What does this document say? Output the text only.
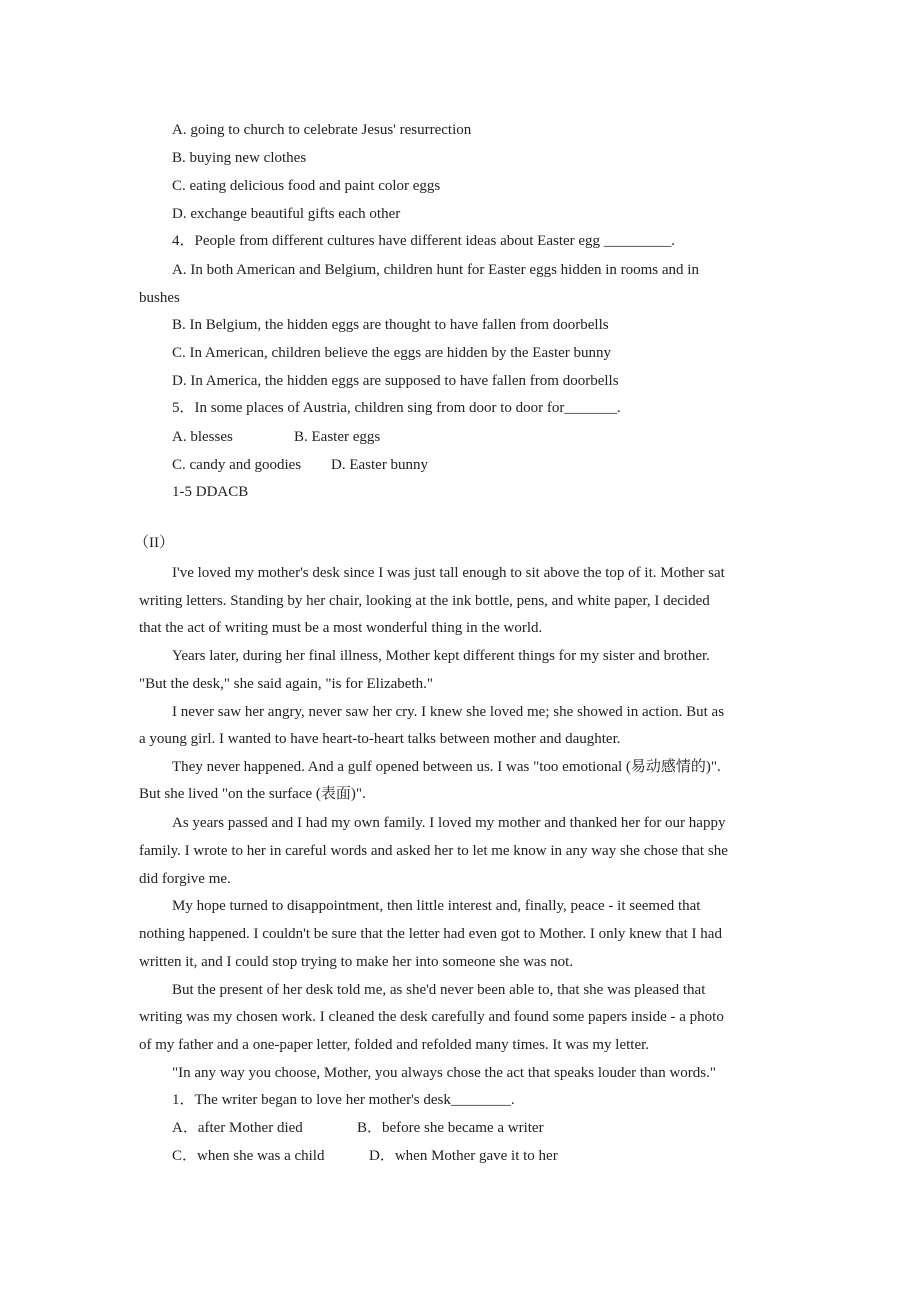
A. going to church to celebrate Jesus' resurrection
B. buying new clothes
C. eating delicious food and paint color eggs
D. exchange beautiful gifts each other
4．People from different cultures have different ideas about Easter egg _________.
A. In both American and Belgium, children hunt for Easter eggs hidden in rooms and in
bushes
B. In Belgium, the hidden eggs are thought to have fallen from doorbells
C. In American, children believe the eggs are hidden by the Easter bunny
D. In America, the hidden eggs are supposed to have fallen from doorbells
5．In some places of Austria, children sing from door to door for_______.
A. blesses	B. Easter eggs
C. candy and goodies D. Easter bunny
1-5 DDACB
（II）
I've loved my mother's desk since I was just tall enough to sit above the top of it. Mother sat
writing letters. Standing by her chair, looking at the ink bottle, pens, and white paper, I decided
that the act of writing must be a most wonderful thing in the world.
Years later, during her final illness, Mother kept different things for my sister and brother.
"But the desk," she said again, "is for Elizabeth."
I never saw her angry, never saw her cry. I knew she loved me; she showed in action. But as
a young girl. I wanted to have heart-to-heart talks between mother and daughter.
They never happened. And a gulf opened between us. I was "too emotional (易动感情的)".
But she lived "on the surface (表面)".
As years passed and I had my own family. I loved my mother and thanked her for our happy
family. I wrote to her in careful words and asked her to let me know in any way she chose that she
did forgive me.
My hope turned to disappointment, then little interest and, finally, peace - it seemed that
nothing happened. I couldn't be sure that the letter had even got to Mother. I only knew that I had
written it, and I could stop trying to make her into someone she was not.
But the present of her desk told me, as she'd never been able to, that she was pleased that
writing was my chosen work. I cleaned the desk carefully and found some papers inside - a photo
of my father and a one-paper letter, folded and refolded many times. It was my letter.
"In any way you choose, Mother, you always chose the act that speaks louder than words."
1．The writer began to love her mother's desk________.
A．after Mother died	B．before she became a writer
C．when she was a child	D．when Mother gave it to her
